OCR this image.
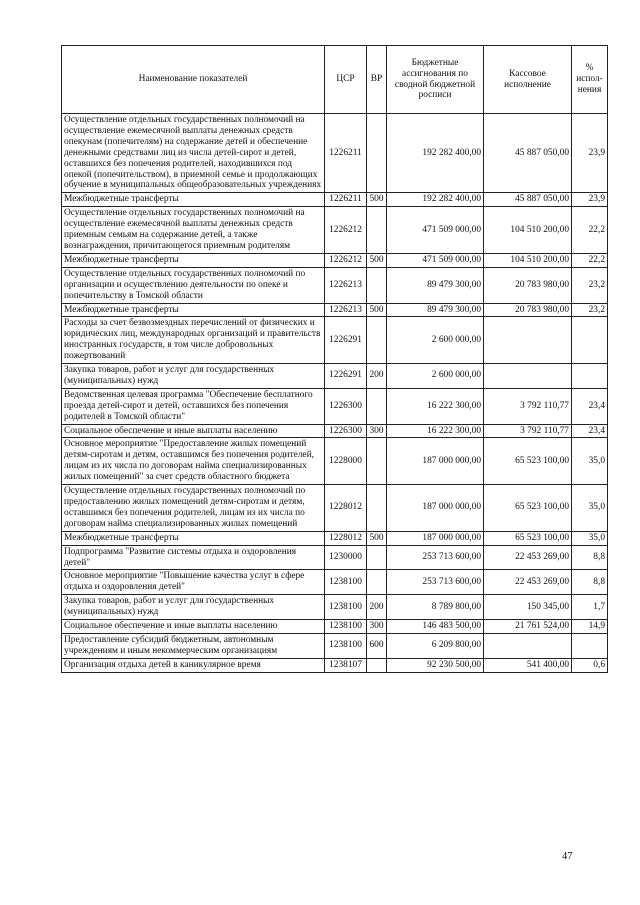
Наименование показателей	ЦСР	ВР	Бюджетные ассигнования по сводной бюджетной росписи	Кассовое исполнение	% испол-нения
Осуществление отдельных государственных полномочий на осуществление ежемесячной выплаты денежных средств опекунам (попечителям) на содержание детей и обеспечение денежными средствами лиц из числа детей-сирот и детей, оставшихся без попечения родителей, находившихся под опекой (попечительством), в приемной семье и продолжающих обучение в муниципальных общеобразовательных учреждениях	1226211		192 282 400,00	45 887 050,00	23,9
Межбюджетные трансферты	1226211	500	192 282 400,00	45 887 050,00	23,9
Осуществление отдельных государственных полномочий на осуществление ежемесячной выплаты денежных средств приемным семьям на содержание детей, а также вознаграждения, причитающегося приемным родителям	1226212		471 509 000,00	104 510 200,00	22,2
Межбюджетные трансферты	1226212	500	471 509 000,00	104 510 200,00	22,2
Осуществление отдельных государственных полномочий по организации и осуществлению деятельности по опеке и попечительству в Томской области	1226213		89 479 300,00	20 783 980,00	23,2
Межбюджетные трансферты	1226213	500	89 479 300,00	20 783 980,00	23,2
Расходы за счет безвозмездных перечислений от физических и юридических лиц, международных организаций и правительств иностранных государств, в том числе добровольных пожертвований	1226291		2 600 000,00		
Закупка товаров, работ и услуг для государственных (муниципальных) нужд	1226291	200	2 600 000,00		
Ведомственная целевая программа "Обеспечение бесплатного проезда детей-сирот и детей, оставшихся без попечения родителей в Томской области"	1226300		16 222 300,00	3 792 110,77	23,4
Социальное обеспечение и иные выплаты населению	1226300	300	16 222 300,00	3 792 110,77	23,4
Основное мероприятие "Предоставление жилых помещений детям-сиротам и детям, оставшимся без попечения родителей, лицам из их числа по договорам найма специализированных жилых помещений" за счет средств областного бюджета	1228000		187 000 000,00	65 523 100,00	35,0
Осуществление отдельных государственных полномочий по предоставлению жилых помещений детям-сиротам и детям, оставшимся без попечения родителей, лицам из их числа по договорам найма специализированных жилых помещений	1228012		187 000 000,00	65 523 100,00	35,0
Межбюджетные трансферты	1228012	500	187 000 000,00	65 523 100,00	35,0
Подпрограмма "Развитие системы отдыха и оздоровления детей"	1230000		253 713 600,00	22 453 269,00	8,8
Основное мероприятие "Повышение качества услуг в сфере отдыха и оздоровления детей"	1238100		253 713 600,00	22 453 269,00	8,8
Закупка товаров, работ и услуг для государственных (муниципальных) нужд	1238100	200	8 789 800,00	150 345,00	1,7
Социальное обеспечение и иные выплаты населению	1238100	300	146 483 500,00	21 761 524,00	14,9
Предоставление субсидий бюджетным, автономным учреждениям и иным некоммерческим организациям	1238100	600	6 209 800,00		
Организация отдыха детей в каникулярное время	1238107		92 230 500,00	541 400,00	0,6
47
